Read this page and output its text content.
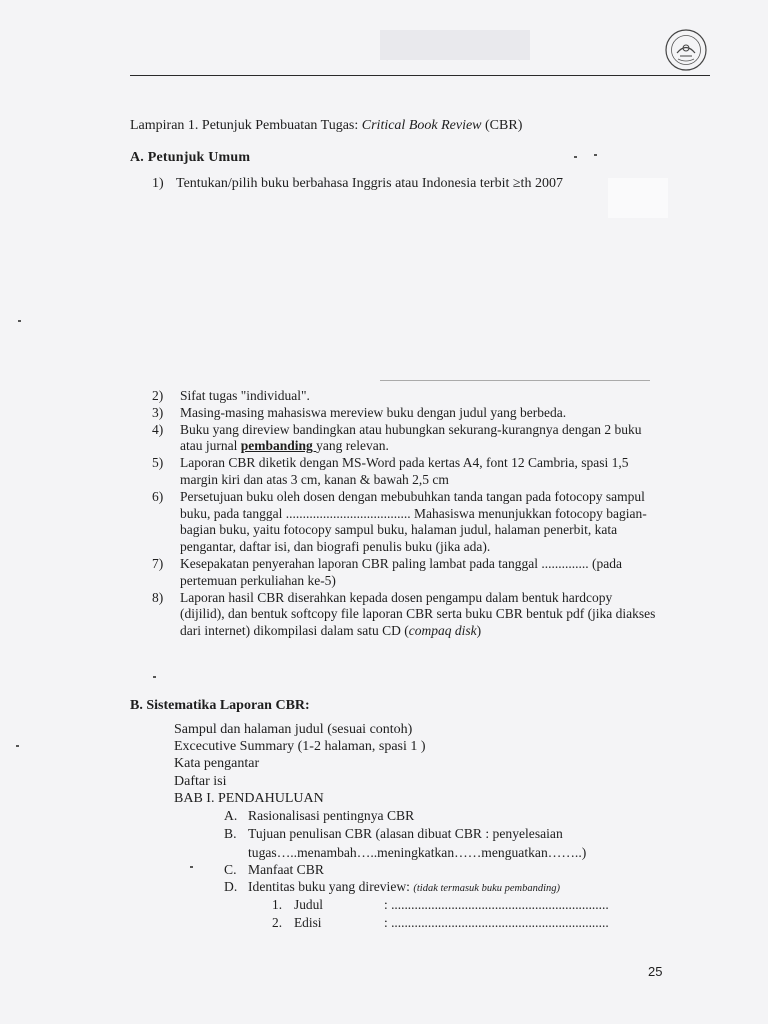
Lampiran 1. Petunjuk Pembuatan Tugas: Critical Book Review (CBR)
A. Petunjuk Umum
1) Tentukan/pilih buku berbahasa Inggris atau Indonesia terbit ≥th 2007
2)	Sifat tugas "individual".
3)	Masing-masing mahasiswa mereview buku dengan judul yang berbeda.
4)	Buku yang direview bandingkan atau hubungkan sekurang-kurangnya dengan 2 buku atau jurnal pembanding yang relevan.
5)	Laporan CBR diketik dengan MS-Word pada kertas A4, font 12 Cambria, spasi 1,5 margin kiri dan atas 3 cm, kanan & bawah 2,5 cm
6)	Persetujuan buku oleh dosen dengan mebubuhkan tanda tangan pada fotocopy sampul buku, pada tanggal ..................................... Mahasiswa menunjukkan fotocopy bagian-bagian buku, yaitu fotocopy sampul buku, halaman judul, halaman penerbit, kata pengantar, daftar isi, dan biografi penulis buku (jika ada).
7)	Kesepakatan penyerahan laporan CBR paling lambat pada tanggal .............. (pada pertemuan perkuliahan ke-5)
8)	Laporan hasil CBR diserahkan kepada dosen pengampu dalam bentuk hardcopy (dijilid), dan bentuk softcopy file laporan CBR serta buku CBR bentuk pdf (jika diakses dari internet) dikompilasi dalam satu CD (compaq disk)
B. Sistematika Laporan CBR:
Sampul dan halaman judul (sesuai contoh)
Excecutive Summary (1-2 halaman, spasi 1 )
Kata pengantar
Daftar isi
BAB I. PENDAHULUAN
A. Rasionalisasi pentingnya CBR
B. Tujuan penulisan CBR (alasan dibuat CBR : penyelesaian
tugas…..menambah…..meningkatkan……menguatkan……..)
C. Manfaat CBR
D. Identitas buku yang direview: (tidak termasuk buku pembanding)
1. Judul	: .................................................................
2. Edisi	: .................................................................
25
